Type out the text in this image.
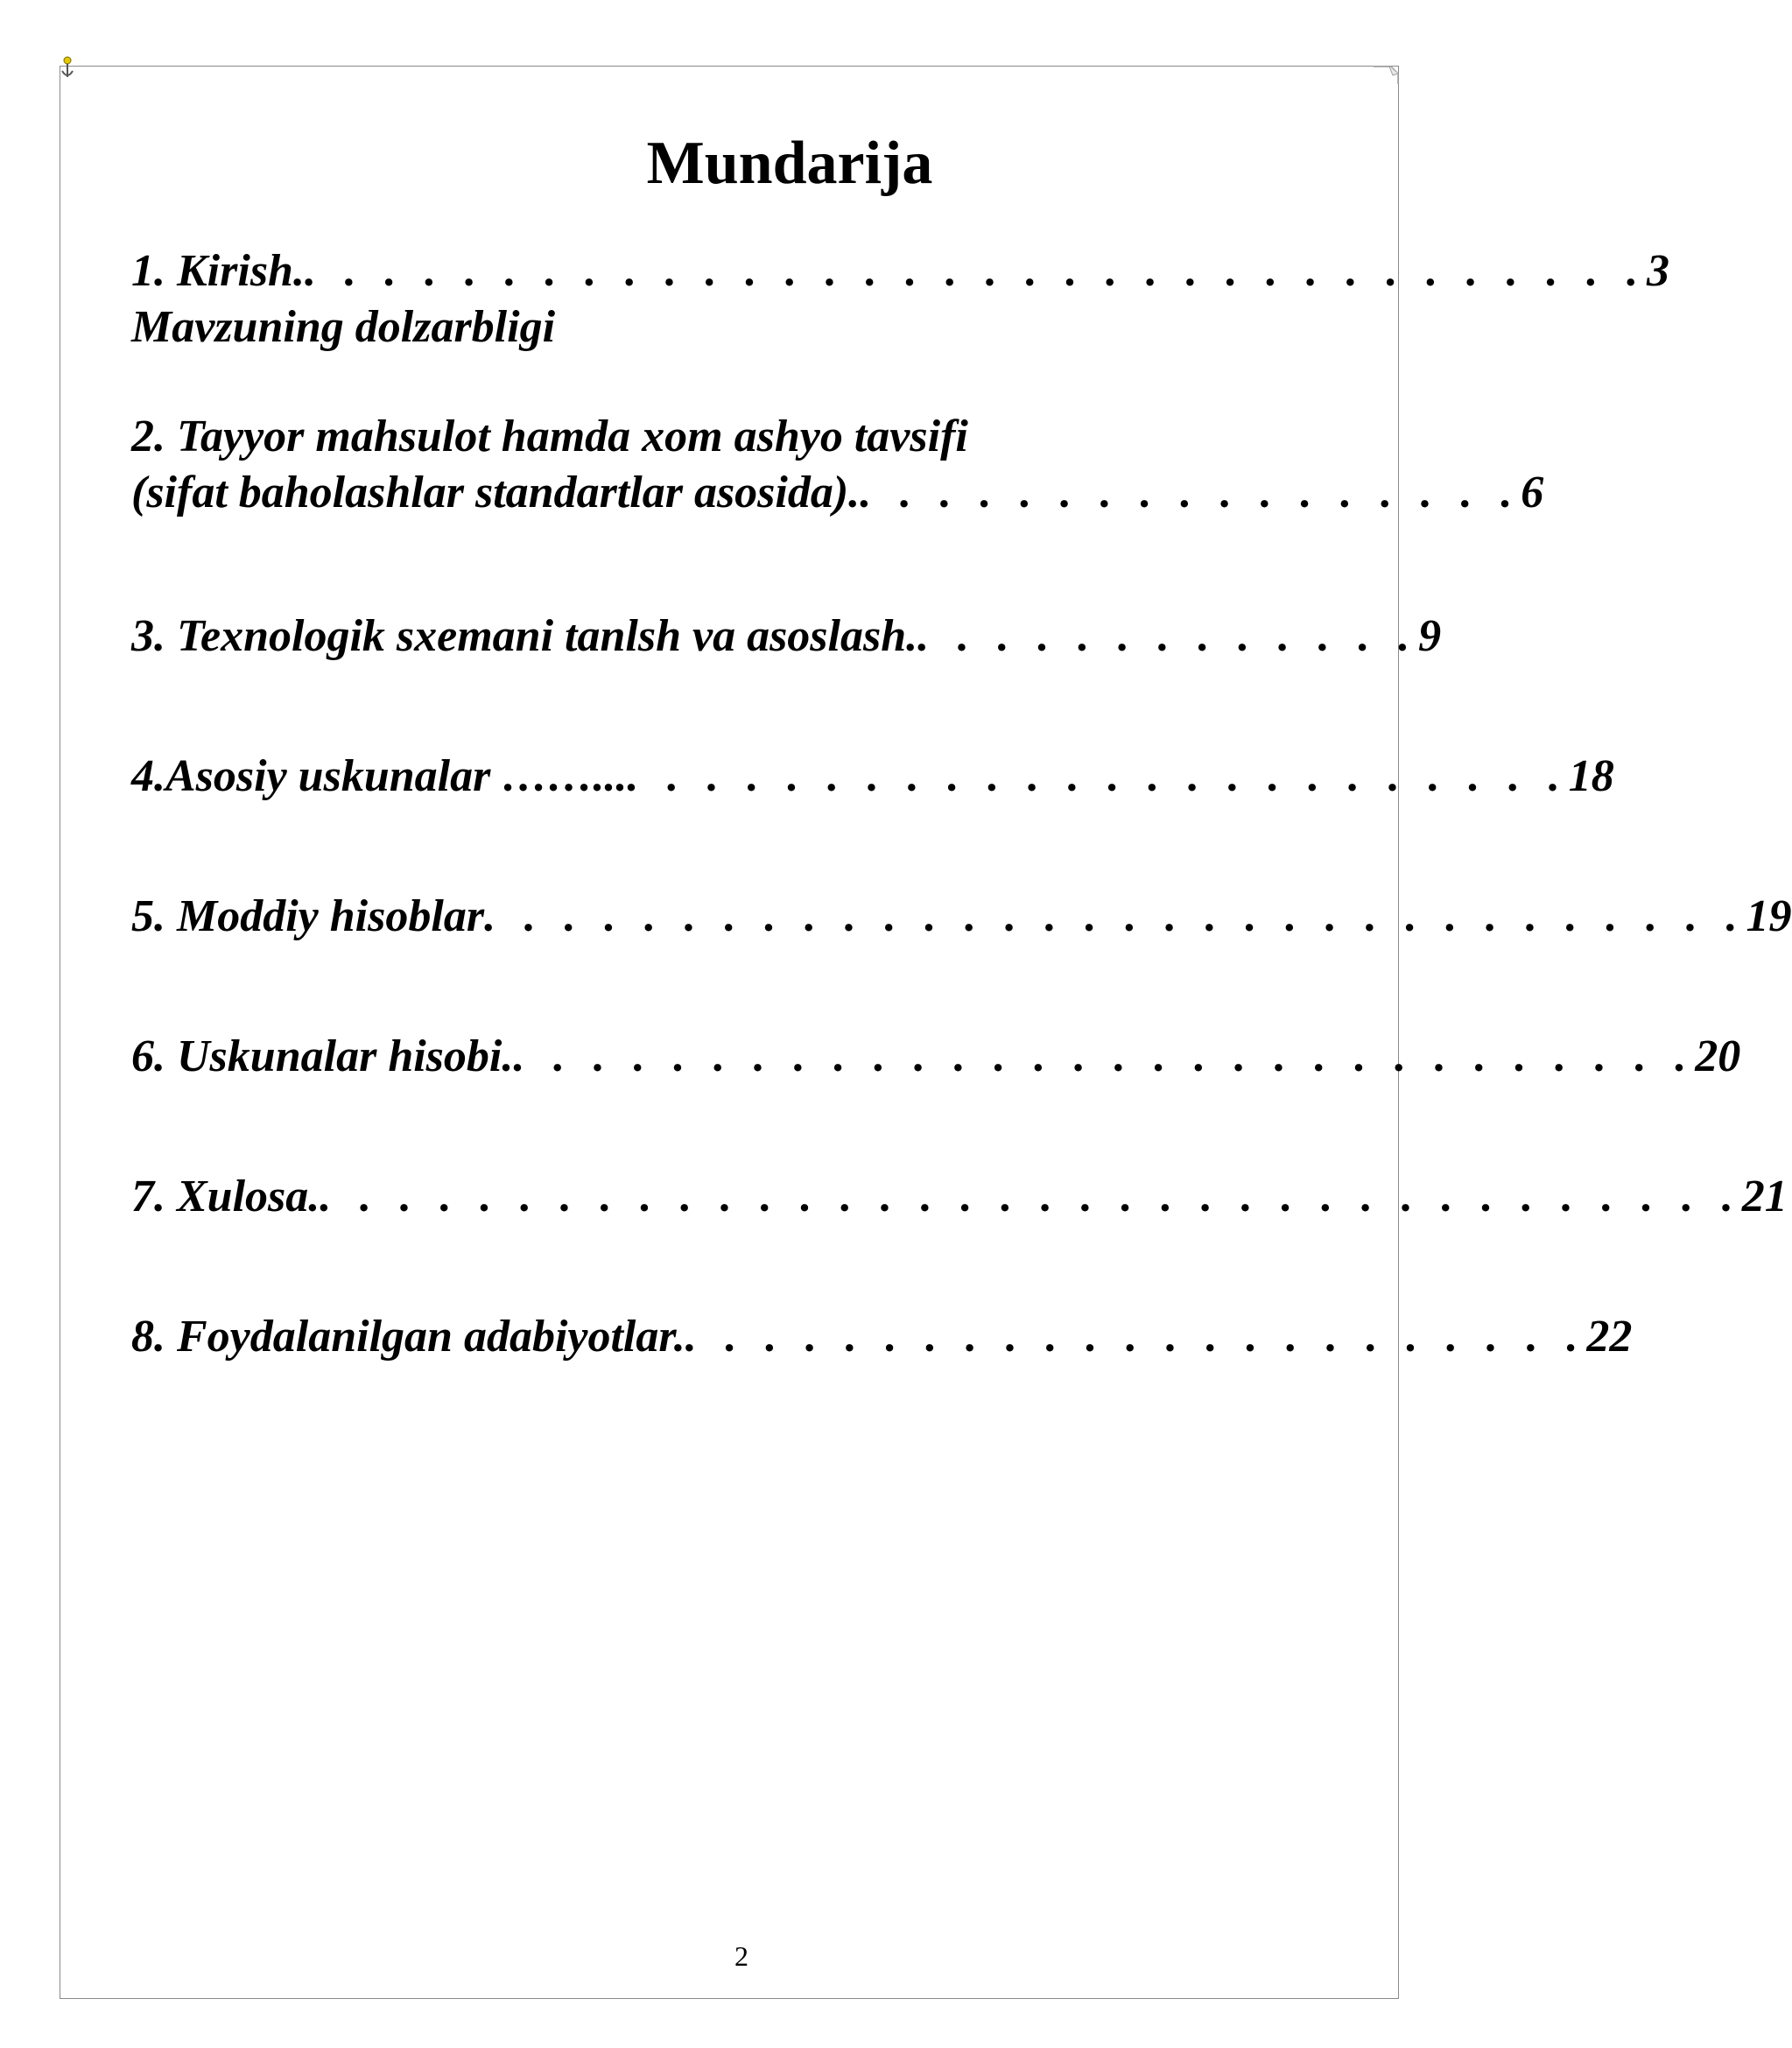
Mundarija
1. Kirish. . . . . . . . . . . . . . . . . . . . . . . . . . . . . . . . . . . 3
Mavzuning dolzarbligi
2. Tayyor mahsulot hamda xom ashyo tavsifi
(sifat baholashlar standartlar asosida). . . . . . . . . . . . . . . . . . 6
3. Texnologik sxemani tanlsh va asoslash. . . . . . . . . . . . . . 9
4.Asosiy uskunalar ……... . . . . . . . . . . . . . . . . . . . . . . . . 18
5. Moddiy hisoblar . . . . . . . . . . . . . . . . . . . . . . . . . . . . . . . . 19
6. Uskunalar hisobi. . . . . . . . . . . . . . . . . . . . . . . . . . . . . . . 20
7. Xulosa. . . . . . . . . . . . . . . . . . . . . . . . . . . . . . . . . . . . . 21
8. Foydalanilgan adabiyotlar. . . . . . . . . . . . . . . . . . . . . . . . 22
2
